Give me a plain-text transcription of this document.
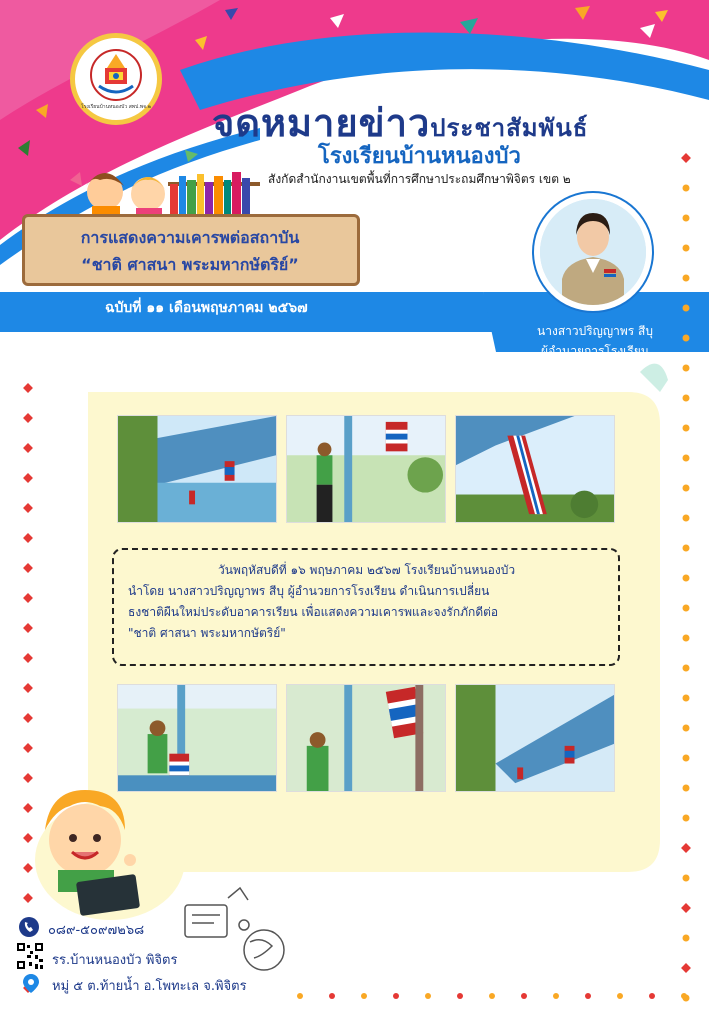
โรงเรียนบ้านหนองบัว สพป.พจ.๒ จดหมายข่าวประชาสัมพันธ์
โรงเรียนบ้านหนองบัว
สังกัดสำนักงานเขตพื้นที่การศึกษาประถมศึกษาพิจิตร เขต ๒
การแสดงความเคารพต่อสถาบัน
“ชาติ ศาสนา พระมหากษัตริย์”
ฉบับที่ ๑๑ เดือนพฤษภาคม ๒๕๖๗
นางสาวปริญญาพร สีบุ
ผู้อำนวยการโรงเรียน

วันพฤหัสบดีที่ ๑๖ พฤษภาคม ๒๕๖๗ โรงเรียนบ้านหนองบัว

นำโดย นางสาวปริญญาพร สีบุ ผู้อำนวยการโรงเรียน ดำเนินการเปลี่ยน

ธงชาติผืนใหม่ประดับอาคารเรียน เพื่อแสดงความเคารพและจงรักภักดีต่อ

"ชาติ ศาสนา พระมหากษัตริย์"

๐๘๙-๕๐๙๗๒๖๘
รร.บ้านหนองบัว พิจิตร
หมู่ ๕ ต.ท้ายน้ำ อ.โพทะเล จ.พิจิตร
